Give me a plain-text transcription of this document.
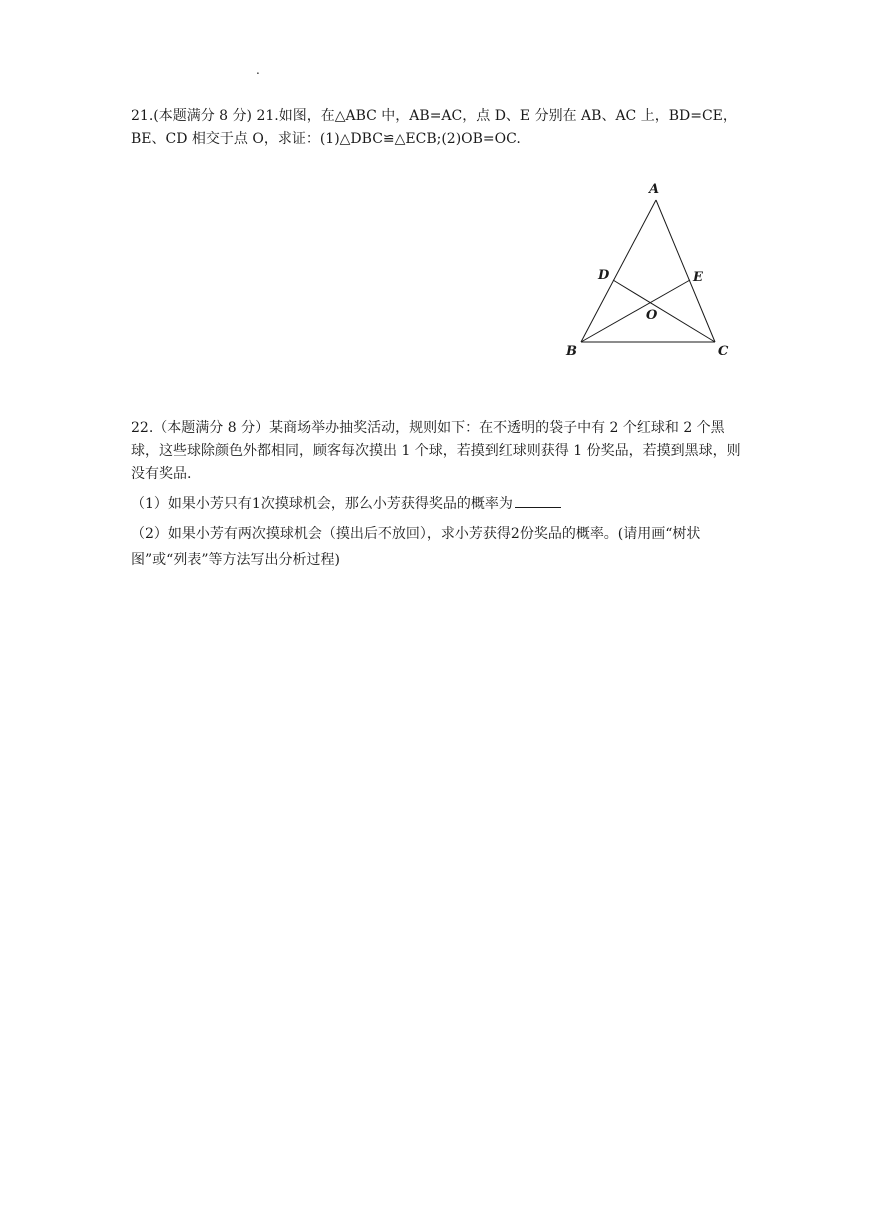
.
21.(本题满分 8 分) 21.如图，在△ABC 中，AB=AC，点 D、E 分别在 AB、AC 上，BD=CE，BE、CD 相交于点 O，求证：(1)△DBC≌△ECB;(2)OB=OC.
A
B	C
D	E
O
22.（本题满分 8 分）某商场举办抽奖活动，规则如下：在不透明的袋子中有 2 个红球和 2 个黑球，这些球除颜色外都相同，顾客每次摸出 1 个球，若摸到红球则获得 1 份奖品，若摸到黑球，则没有奖品.
（1）如果小芳只有1次摸球机会，那么小芳获得奖品的概率为
（2）如果小芳有两次摸球机会（摸出后不放回），求小芳获得2份奖品的概率。(请用画“树状图”或“列表”等方法写出分析过程)
